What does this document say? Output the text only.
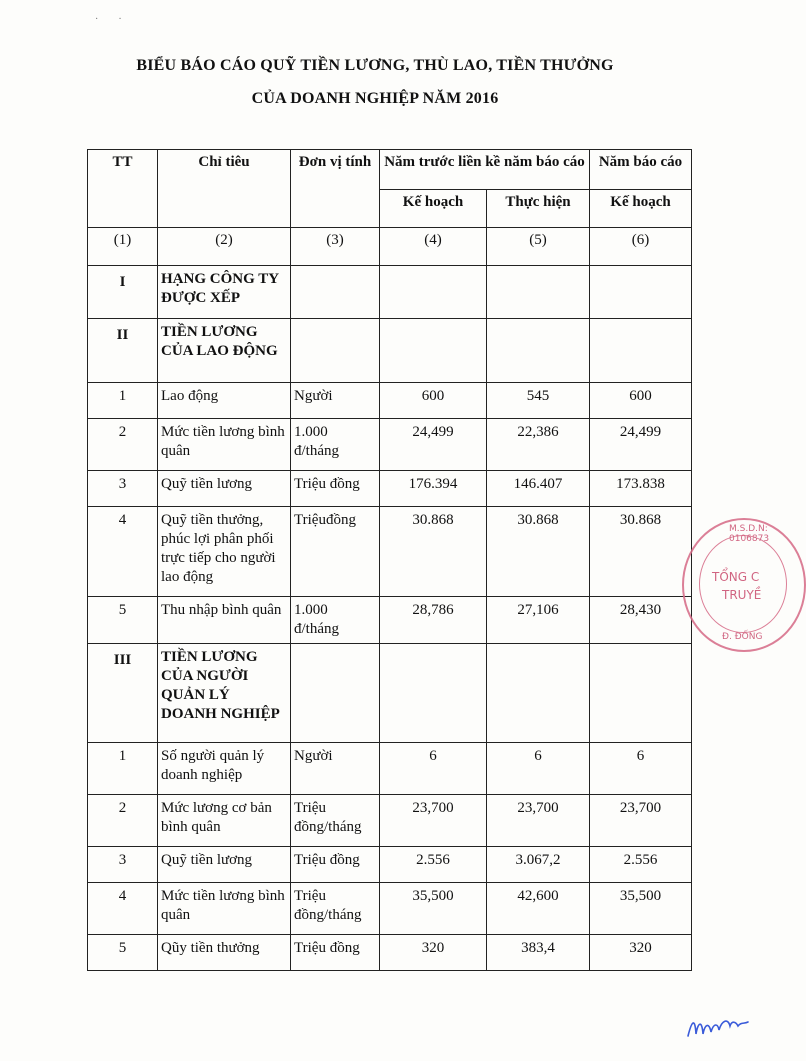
·        ·
BIỂU BÁO CÁO QUỸ TIỀN LƯƠNG, THÙ LAO, TIỀN THƯỞNG
CỦA DOANH NGHIỆP NĂM 2016
TT	Chỉ tiêu	Đơn vị tính	Năm trước liền kề năm báo cáo		Năm báo cáo
			Kế hoạch	Thực hiện	Kế hoạch
(1)	(2)	(3)	(4)	(5)	(6)
I	HẠNG CÔNG TY ĐƯỢC XẾP				
II	TIỀN LƯƠNG CỦA LAO ĐỘNG				
1	Lao động	Người	600	545	600
2	Mức tiền lương bình quân	1.000 đ/tháng	24,499	22,386	24,499
3	Quỹ tiền lương	Triệu đồng	176.394	146.407	173.838
4	Quỹ tiền thưởng, phúc lợi phân phối trực tiếp cho người lao động	Triệuđồng	30.868	30.868	30.868
5	Thu nhập bình quân	1.000 đ/tháng	28,786	27,106	28,430
III	TIỀN LƯƠNG CỦA NGƯỜI QUẢN LÝ DOANH NGHIỆP				
1	Số người quản lý doanh nghiệp	Người	6	6	6
2	Mức lương cơ bản bình quân	Triệu đồng/tháng	23,700	23,700	23,700
3	Quỹ tiền lương	Triệu đồng	2.556	3.067,2	2.556
4	Mức tiền lương bình quân	Triệu đồng/tháng	35,500	42,600	35,500
5	Qũy tiền thưởng	Triệu đồng	320	383,4	320
M.S.D.N: 0106873
TỔNG C
TRUYỀ
Đ. ĐỐNG
